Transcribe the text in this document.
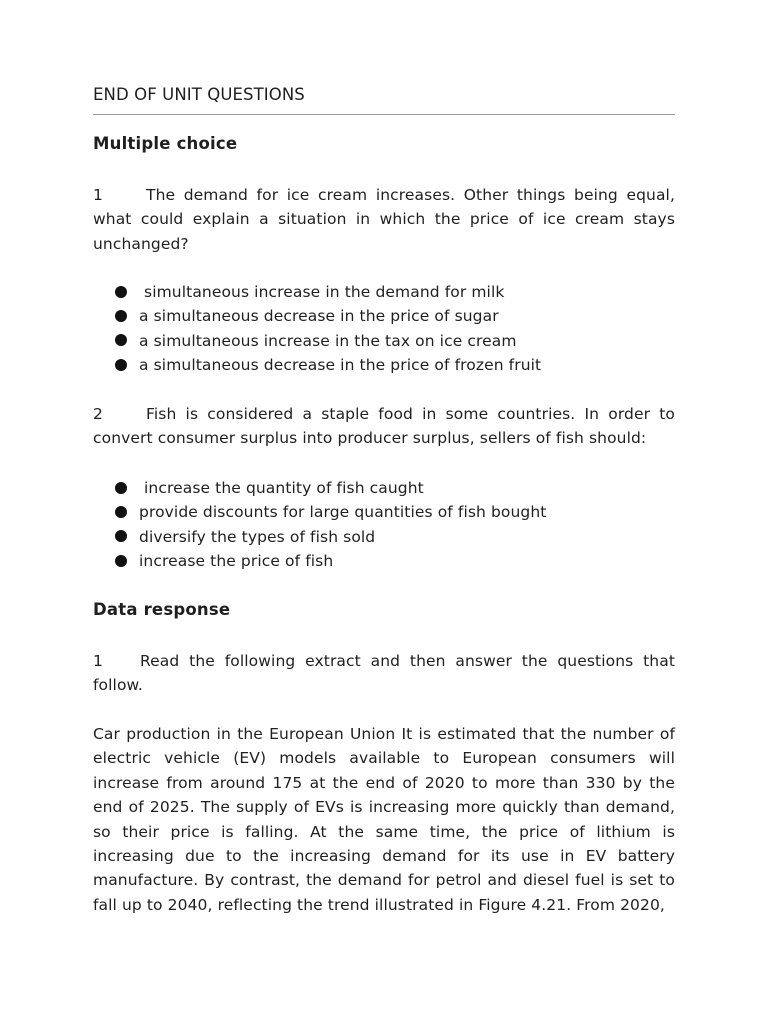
END OF UNIT QUESTIONS
Multiple choice
1	The demand for ice cream increases. Other things being equal, what could explain a situation in which the price of ice cream stays unchanged?
simultaneous increase in the demand for milk
a simultaneous decrease in the price of sugar
a simultaneous increase in the tax on ice cream
a simultaneous decrease in the price of frozen fruit
2	Fish is considered a staple food in some countries. In order to convert consumer surplus into producer surplus, sellers of fish should:
increase the quantity of fish caught
provide discounts for large quantities of fish bought
diversify the types of fish sold
increase the price of fish
Data response
1 Read the following extract and then answer the questions that follow.
Car production in the European Union It is estimated that the number of electric vehicle (EV) models available to European consumers will increase from around 175 at the end of 2020 to more than 330 by the end of 2025. The supply of EVs is increasing more quickly than demand, so their price is falling. At the same time, the price of lithium is increasing due to the increasing demand for its use in EV battery manufacture. By contrast, the demand for petrol and diesel fuel is set to fall up to 2040, reflecting the trend illustrated in Figure 4.21. From 2020,
